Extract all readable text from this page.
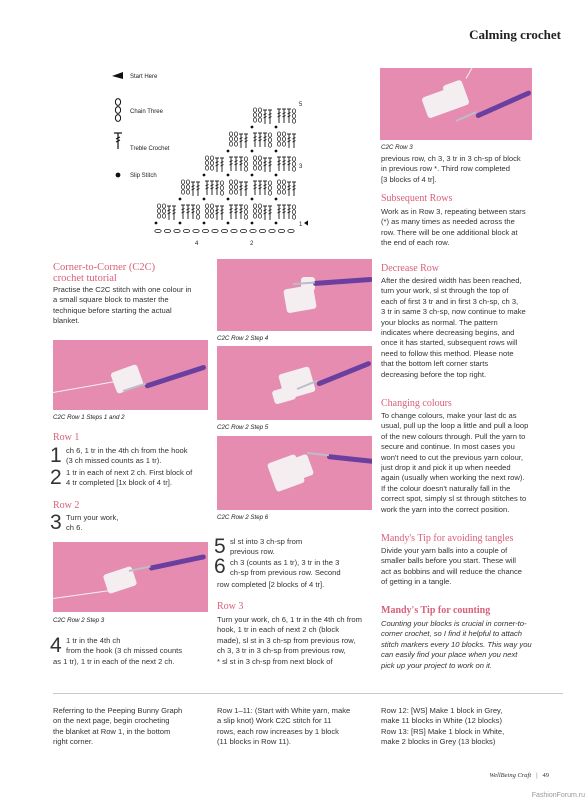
Calming crochet
Start Here
Chain Three
Treble Crochet
Slip Stitch
5
3
1
4	2
C2C Row 3
previous row, ch 3, 3 tr in 3 ch-sp of block
in previous row *. Third row completed
[3 blocks of 4 tr].
Subsequent Rows
Work as in Row 3, repeating between stars
(*) as many times as needed across the
row. There will be one additional block at
the end of each row.
Corner-to-Corner (C2C)
crochet tutorial
Practise the C2C stitch with one colour in
a small square block to master the
technique before starting the actual
blanket.
C2C Row 2 Step 4
Decrease Row
After the desired width has been reached,
turn your work, sl st through the top of
each of first 3 tr and in first 3 ch-sp, ch 3,
3 tr in same 3 ch-sp, now continue to make
your blocks as normal. The pattern
indicates where decreasing begins, and
once it has started, subsequent rows will
need to follow this method. Please note
that the bottom left corner starts
decreasing before the top right.
C2C Row 1 Steps 1 and 2
C2C Row 2 Step 5
Row 1
1 ch 6, 1 tr in the 4th ch from the hook
(3 ch missed counts as 1 tr).
2 1 tr in each of next 2 ch. First block of
4 tr completed [1x block of 4 tr].
Changing colours
To change colours, make your last dc as
usual, pull up the loop a little and pull a loop
of the new colours through. Pull the yarn to
secure and continue. In most cases you
won't need to cut the previous yarn colour,
just drop it and pick it up when needed
again (usually when working the next row).
If the colour doesn't naturally fall in the
correct spot, simply sl st through stitches to
work the yarn into the correct position.
C2C Row 2 Step 6
Row 2
3 Turn your work,
ch 6.
Mandy's Tip for avoiding tangles
Divide your yarn balls into a couple of
smaller balls before you start. These will
act as bobbins and will reduce the chance
of getting in a tangle.
C2C Row 2 Step 3
5 sl st into 3 ch-sp from
previous row.
6 ch 3 (counts as 1 tr), 3 tr in the 3
ch-sp from previous row. Second
row completed [2 blocks of 4 tr].
Row 3
Turn your work, ch 6, 1 tr in the 4th ch from
hook, 1 tr in each of next 2 ch (block
made), sl st in 3 ch-sp from previous row,
ch 3, 3 tr in 3 ch-sp from previous row,
* sl st in 3 ch-sp from next block of
Mandy's Tip for counting
Counting your blocks is crucial in corner-to-
corner crochet, so I find it helpful to attach
stitch markers every 10 blocks. This way you
can easily find your place when you next
pick up your project to work on it.
4 1 tr in the 4th ch
from the hook (3 ch missed counts
as 1 tr), 1 tr in each of the next 2 ch.
Referring to the Peeping Bunny Graph
on the next page, begin crocheting
the blanket at Row 1, in the bottom
right corner.
Row 1–11: (Start with White yarn, make
a slip knot) Work C2C stitch for 11
rows, each row increases by 1 block
(11 blocks in Row 11).
Row 12: [WS] Make 1 block in Grey,
make 11 blocks in White (12 blocks)
Row 13: [RS] Make 1 block in White,
make 2 blocks in Grey (13 blocks)
WellBeing Craft | 49
FashionForum.ru
